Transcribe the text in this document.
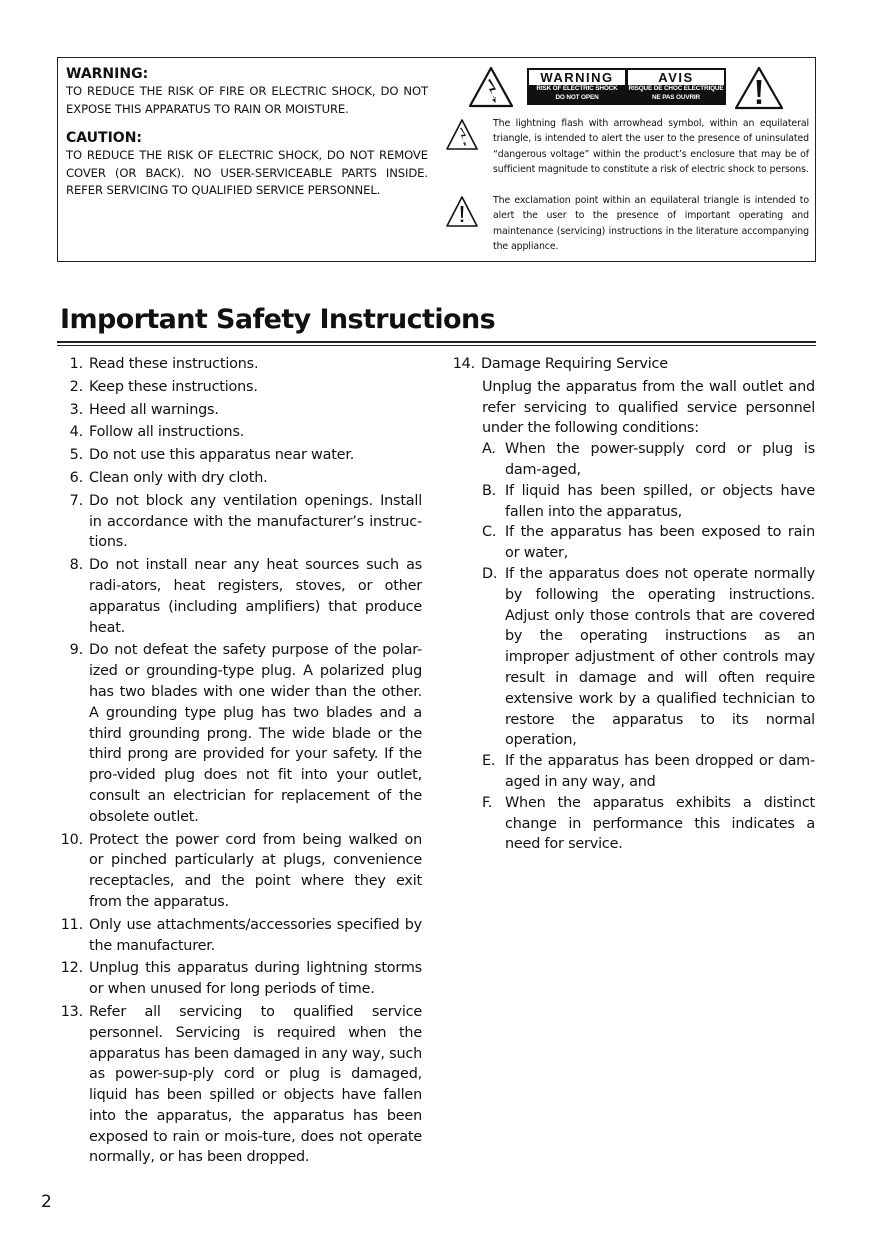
WARNING:
TO REDUCE THE RISK OF FIRE OR ELECTRIC SHOCK, DO NOT EXPOSE THIS APPARATUS TO RAIN OR MOISTURE.
CAUTION:
TO REDUCE THE RISK OF ELECTRIC SHOCK, DO NOT REMOVE COVER (OR BACK). NO USER-SERVICEABLE PARTS INSIDE. REFER SERVICING TO QUALIFIED SERVICE PERSONNEL.
WARNING
RISK OF ELECTRIC SHOCK
DO NOT OPEN
AVIS
RISQUE DE CHOC ELECTRIQUE
NE PAS OUVRIR
The lightning flash with arrowhead symbol, within an equilateral triangle, is intended to alert the user to the presence of uninsulated “dangerous voltage” within the product’s enclosure that may be of sufficient magnitude to constitute a risk of electric shock to persons.
The exclamation point within an equilateral triangle is intended to alert the user to the presence of important operating and maintenance (servicing) instructions in the literature accompanying the appliance.
Important Safety Instructions
1. Read these instructions.
2. Keep these instructions.
3. Heed all warnings.
4. Follow all instructions.
5. Do not use this apparatus near water.
6. Clean only with dry cloth.
7. Do not block any ventilation openings. Install in accordance with the manufacturer’s instruc-tions.
8. Do not install near any heat sources such as radi-ators, heat registers, stoves, or other apparatus (including amplifiers) that produce heat.
9. Do not defeat the safety purpose of the polar-ized or grounding-type plug. A polarized plug has two blades with one wider than the other. A grounding type plug has two blades and a third grounding prong. The wide blade or the third prong are provided for your safety. If the pro-vided plug does not fit into your outlet, consult an electrician for replacement of the obsolete outlet.
10. Protect the power cord from being walked on or pinched particularly at plugs, convenience receptacles, and the point where they exit from the apparatus.
11. Only use attachments/accessories specified by the manufacturer.
12. Unplug this apparatus during lightning storms or when unused for long periods of time.
13. Refer all servicing to qualified service personnel. Servicing is required when the apparatus has been damaged in any way, such as power-sup-ply cord or plug is damaged, liquid has been spilled or objects have fallen into the apparatus, the apparatus has been exposed to rain or mois-ture, does not operate normally, or has been dropped.
14. Damage Requiring Service
Unplug the apparatus from the wall outlet and refer servicing to qualified service personnel under the following conditions:
A. When the power-supply cord or plug is dam-aged,
B. If liquid has been spilled, or objects have fallen into the apparatus,
C. If the apparatus has been exposed to rain or water,
D. If the apparatus does not operate normally by following the operating instructions. Adjust only those controls that are covered by the operating instructions as an improper adjustment of other controls may result in damage and will often require extensive work by a qualified technician to restore the apparatus to its normal operation,
E. If the apparatus has been dropped or dam-aged in any way, and
F. When the apparatus exhibits a distinct change in performance this indicates a need for service.
2
